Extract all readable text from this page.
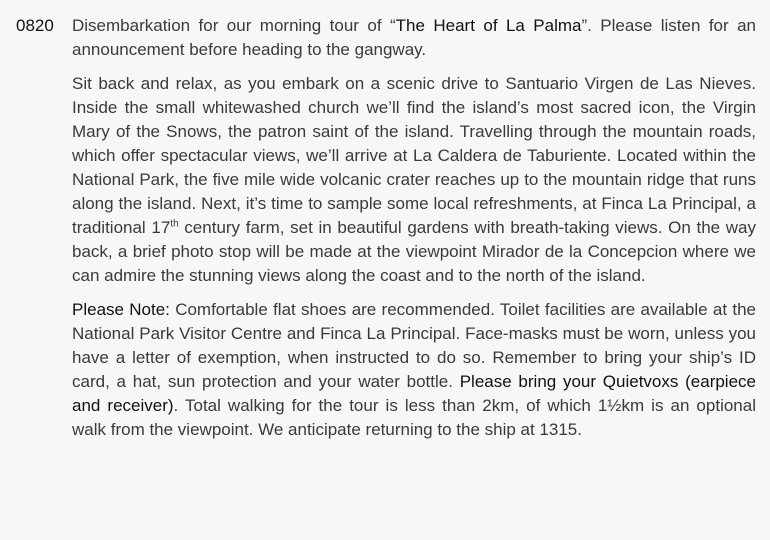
0820	Disembarkation for our morning tour of “The Heart of La Palma”. Please listen for an announcement before heading to the gangway.

Sit back and relax, as you embark on a scenic drive to Santuario Virgen de Las Nieves. Inside the small whitewashed church we’ll find the island’s most sacred icon, the Virgin Mary of the Snows, the patron saint of the island. Travelling through the mountain roads, which offer spectacular views, we’ll arrive at La Caldera de Taburiente. Located within the National Park, the five mile wide volcanic crater reaches up to the mountain ridge that runs along the island. Next, it’s time to sample some local refreshments, at Finca La Principal, a traditional 17th century farm, set in beautiful gardens with breath-taking views. On the way back, a brief photo stop will be made at the viewpoint Mirador de la Concepcion where we can admire the stunning views along the coast and to the north of the island.

Please Note: Comfortable flat shoes are recommended. Toilet facilities are available at the National Park Visitor Centre and Finca La Principal. Face-masks must be worn, unless you have a letter of exemption, when instructed to do so. Remember to bring your ship’s ID card, a hat, sun protection and your water bottle. Please bring your Quietvoxs (earpiece and receiver). Total walking for the tour is less than 2km, of which 1½km is an optional walk from the viewpoint. We anticipate returning to the ship at 1315.
